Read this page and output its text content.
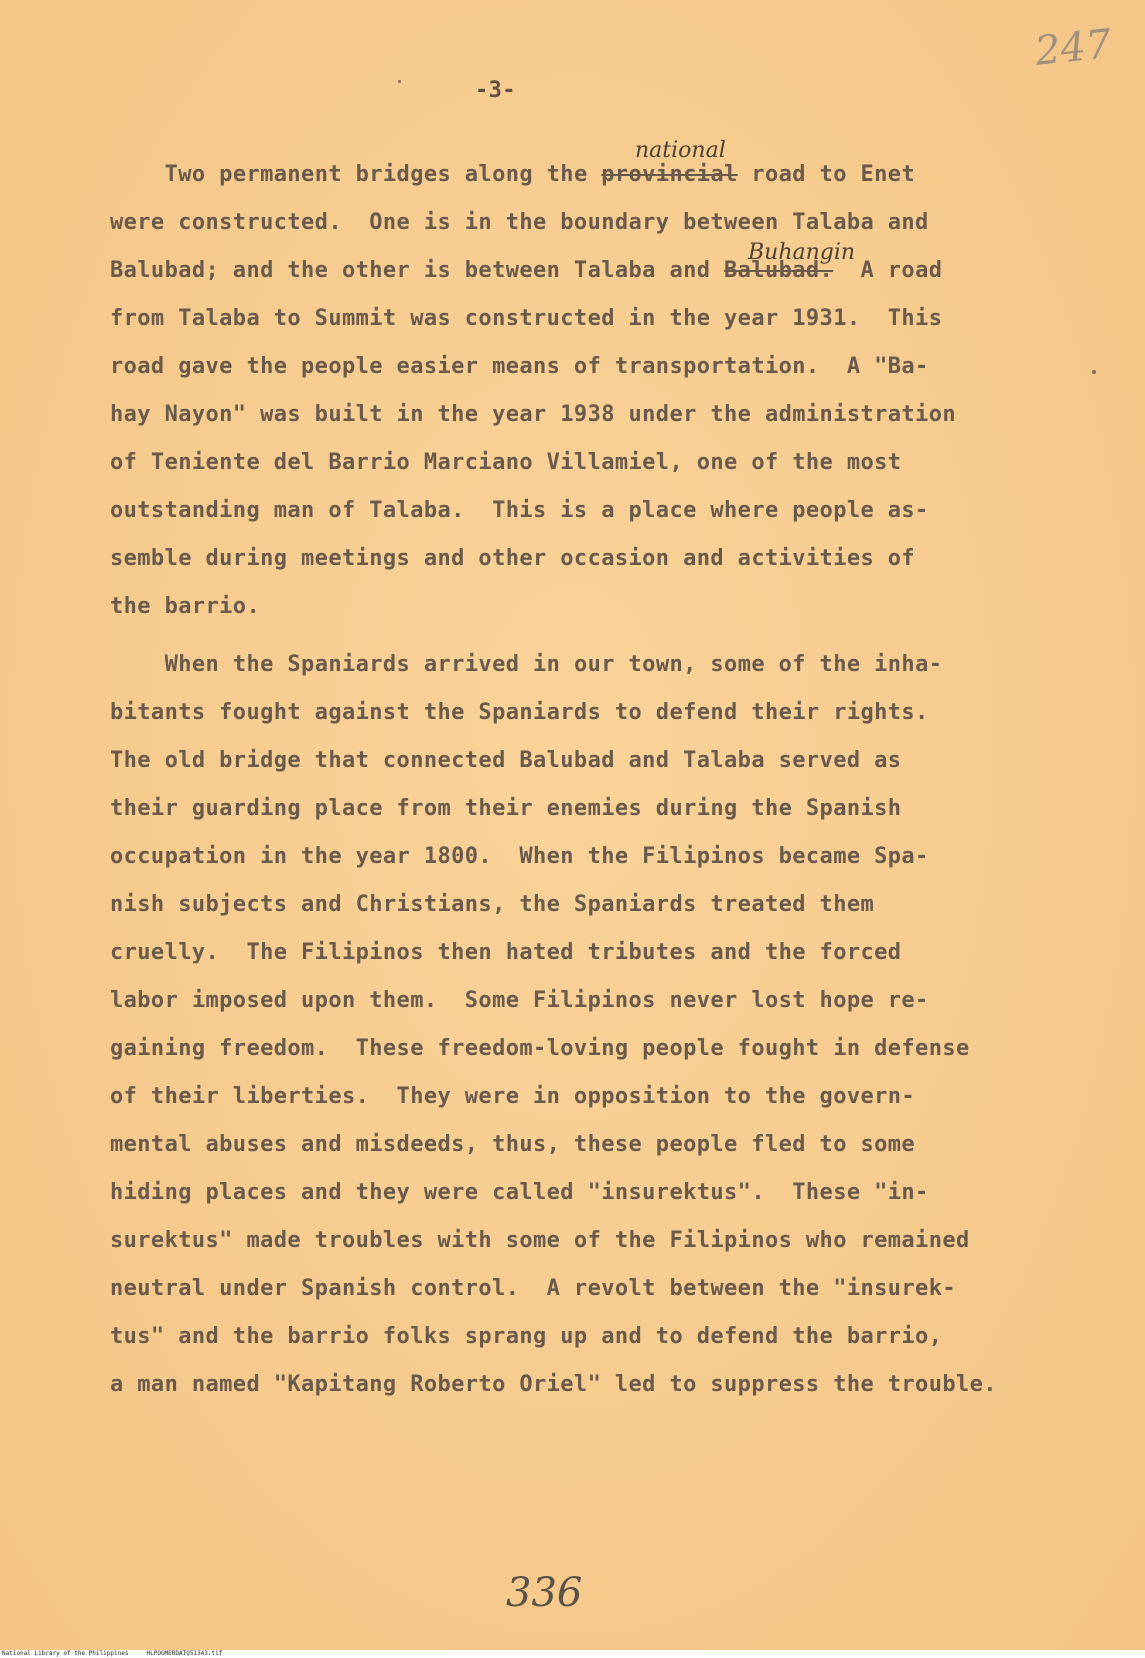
247
-3-
Two permanent bridges along the provincial road to Enet
national
were constructed.  One is in the boundary between Talaba and
Balubad; and the other is between Talaba and Balubad.  A road
Buhangin
from Talaba to Summit was constructed in the year 1931.  This
road gave the people easier means of transportation.  A "Ba-
hay Nayon" was built in the year 1938 under the administration
of Teniente del Barrio Marciano Villamiel, one of the most
outstanding man of Talaba.  This is a place where people as-
semble during meetings and other occasion and activities of
the barrio.
When the Spaniards arrived in our town, some of the inha-
bitants fought against the Spaniards to defend their rights.
The old bridge that connected Balubad and Talaba served as
their guarding place from their enemies during the Spanish
occupation in the year 1800.  When the Filipinos became Spa-
nish subjects and Christians, the Spaniards treated them
cruelly.  The Filipinos then hated tributes and the forced
labor imposed upon them.  Some Filipinos never lost hope re-
gaining freedom.  These freedom-loving people fought in defense
of their liberties.  They were in opposition to the govern-
mental abuses and misdeeds, thus, these people fled to some
hiding places and they were called "insurektus".  These "in-
surektus" made troubles with some of the Filipinos who remained
neutral under Spanish control.  A revolt between the "insurek-
tus" and the barrio folks sprang up and to defend the barrio,
a man named "Kapitang Roberto Oriel" led to suppress the trouble.
336
National Library of the Philippines     HLPOGMERDATQ51343.tif
